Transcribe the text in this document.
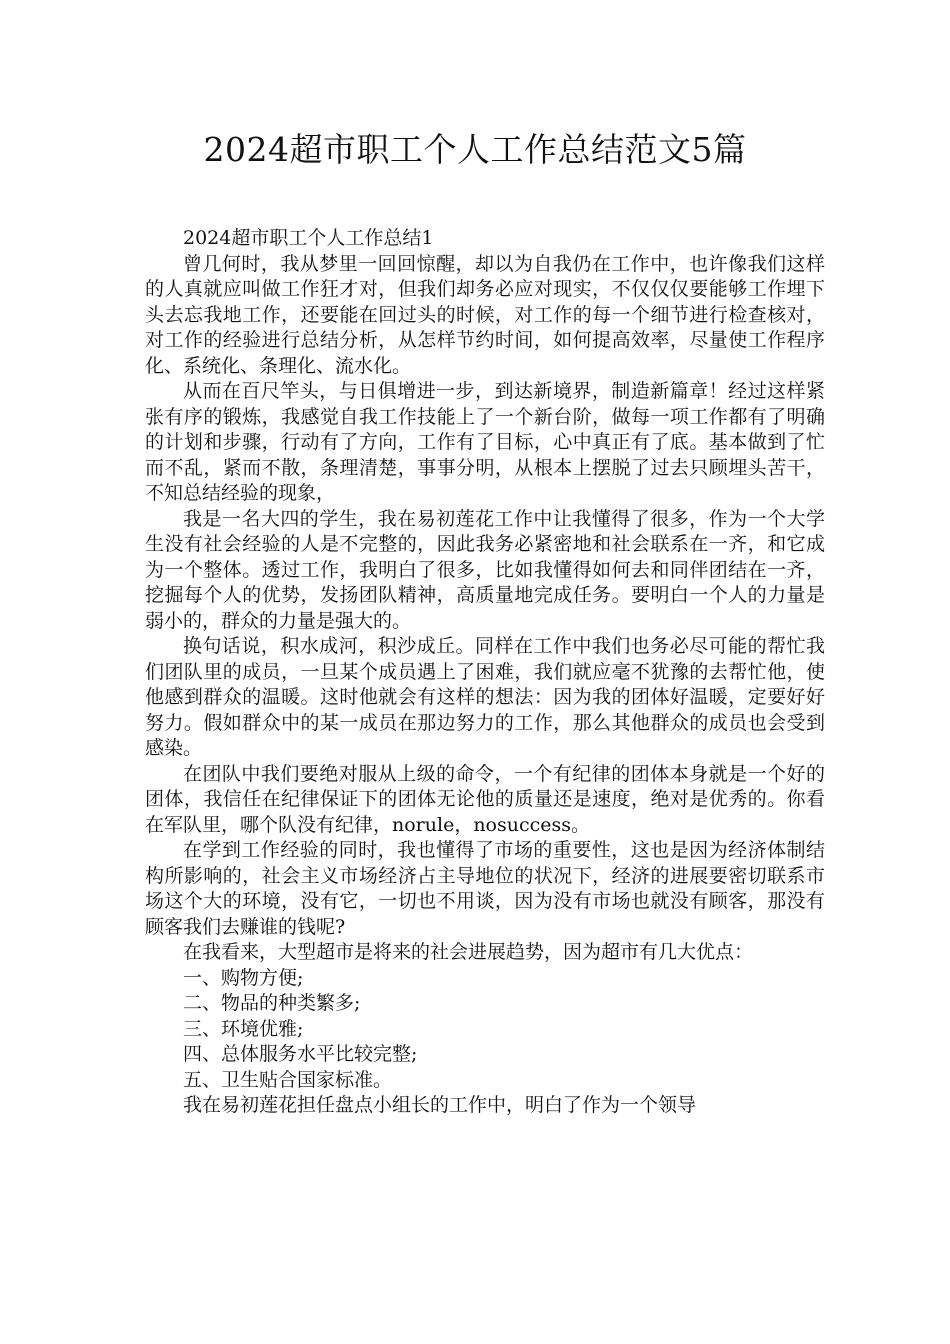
2024超市职工个人工作总结范文5篇

2024超市职工个人工作总结1

曾几何时，我从梦里一回回惊醒，却以为自我仍在工作中，也许像我们这样的人真就应叫做工作狂才对，但我们却务必应对现实，不仅仅仅要能够工作埋下头去忘我地工作，还要能在回过头的时候，对工作的每一个细节进行检查核对，对工作的经验进行总结分析，从怎样节约时间，如何提高效率，尽量使工作程序化、系统化、条理化、流水化。

从而在百尺竿头，与日俱增进一步，到达新境界，制造新篇章！经过这样紧张有序的锻炼，我感觉自我工作技能上了一个新台阶，做每一项工作都有了明确的计划和步骤，行动有了方向，工作有了目标，心中真正有了底。基本做到了忙而不乱，紧而不散，条理清楚，事事分明，从根本上摆脱了过去只顾埋头苦干，不知总结经验的现象，

我是一名大四的学生，我在易初莲花工作中让我懂得了很多，作为一个大学生没有社会经验的人是不完整的，因此我务必紧密地和社会联系在一齐，和它成为一个整体。透过工作，我明白了很多，比如我懂得如何去和同伴团结在一齐，挖掘每个人的优势，发扬团队精神，高质量地完成任务。要明白一个人的力量是弱小的，群众的力量是强大的。

换句话说，积水成河，积沙成丘。同样在工作中我们也务必尽可能的帮忙我们团队里的成员，一旦某个成员遇上了困难，我们就应毫不犹豫的去帮忙他，使他感到群众的温暖。这时他就会有这样的想法：因为我的团体好温暖，定要好好努力。假如群众中的某一成员在那边努力的工作，那么其他群众的成员也会受到感染。

在团队中我们要绝对服从上级的命令，一个有纪律的团体本身就是一个好的团体，我信任在纪律保证下的团体无论他的质量还是速度，绝对是优秀的。你看在军队里，哪个队没有纪律，norule，nosuccess。

在学到工作经验的同时，我也懂得了市场的重要性，这也是因为经济体制结构所影响的，社会主义市场经济占主导地位的状况下，经济的进展要密切联系市场这个大的环境，没有它，一切也不用谈，因为没有市场也就没有顾客，那没有顾客我们去赚谁的钱呢?

在我看来，大型超市是将来的社会进展趋势，因为超市有几大优点：

一、购物方便;

二、物品的种类繁多;

三、环境优雅;

四、总体服务水平比较完整;

五、卫生贴合国家标准。

我在易初莲花担任盘点小组长的工作中，明白了作为一个领导
